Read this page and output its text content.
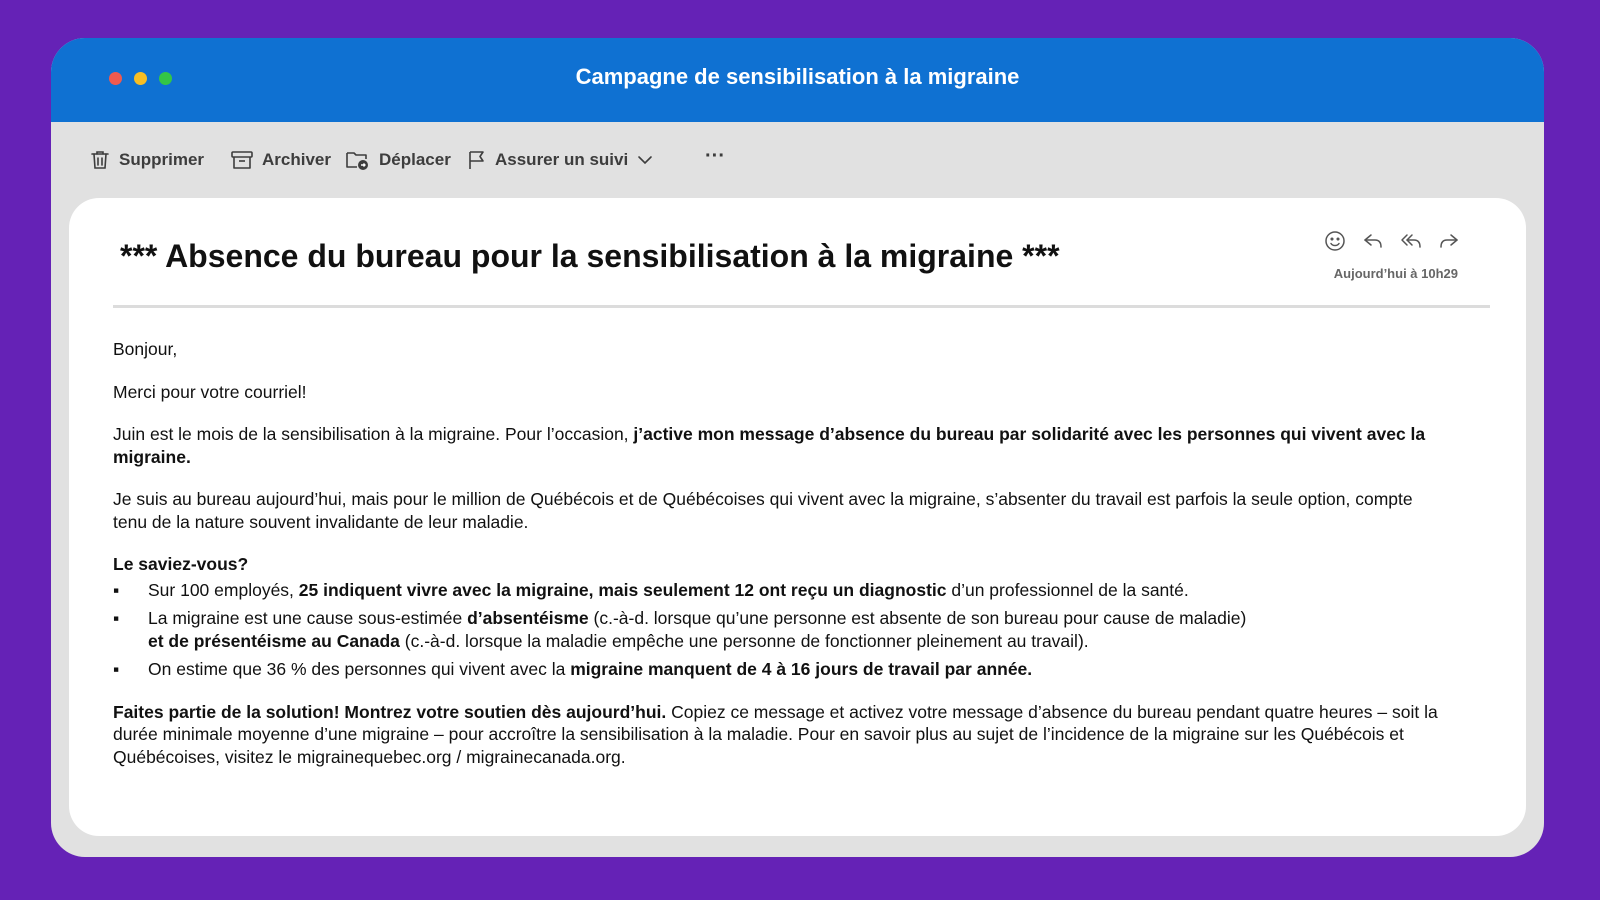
Campagne de sensibilisation à la migraine
Supprimer	Archiver	Déplacer	Assurer un suivi	···
*** Absence du bureau pour la sensibilisation à la migraine ***	Aujourd’hui à 10h29

Bonjour,

Merci pour votre courriel!

Juin est le mois de la sensibilisation à la migraine. Pour l’occasion, j’active mon message d’absence du bureau par solidarité avec les personnes qui vivent avec la migraine.

Je suis au bureau aujourd’hui, mais pour le million de Québécois et de Québécoises qui vivent avec la migraine, s’absenter du travail est parfois la seule option, compte tenu de la nature souvent invalidante de leur maladie.

Le saviez-vous?

▪ Sur 100 employés, 25 indiquent vivre avec la migraine, mais seulement 12 ont reçu un diagnostic d’un professionnel de la santé.
▪ La migraine est une cause sous-estimée d’absentéisme (c.-à-d. lorsque qu’une personne est absente de son bureau pour cause de maladie)
et de présentéisme au Canada (c.-à-d. lorsque la maladie empêche une personne de fonctionner pleinement au travail).
▪ On estime que 36 % des personnes qui vivent avec la migraine manquent de 4 à 16 jours de travail par année.

Faites partie de la solution! Montrez votre soutien dès aujourd’hui. Copiez ce message et activez votre message d’absence du bureau pendant quatre heures – soit la durée minimale moyenne d’une migraine – pour accroître la sensibilisation à la maladie. Pour en savoir plus au sujet de l’incidence de la migraine sur les Québécois et Québécoises, visitez le migrainequebec.org / migrainecanada.org.
